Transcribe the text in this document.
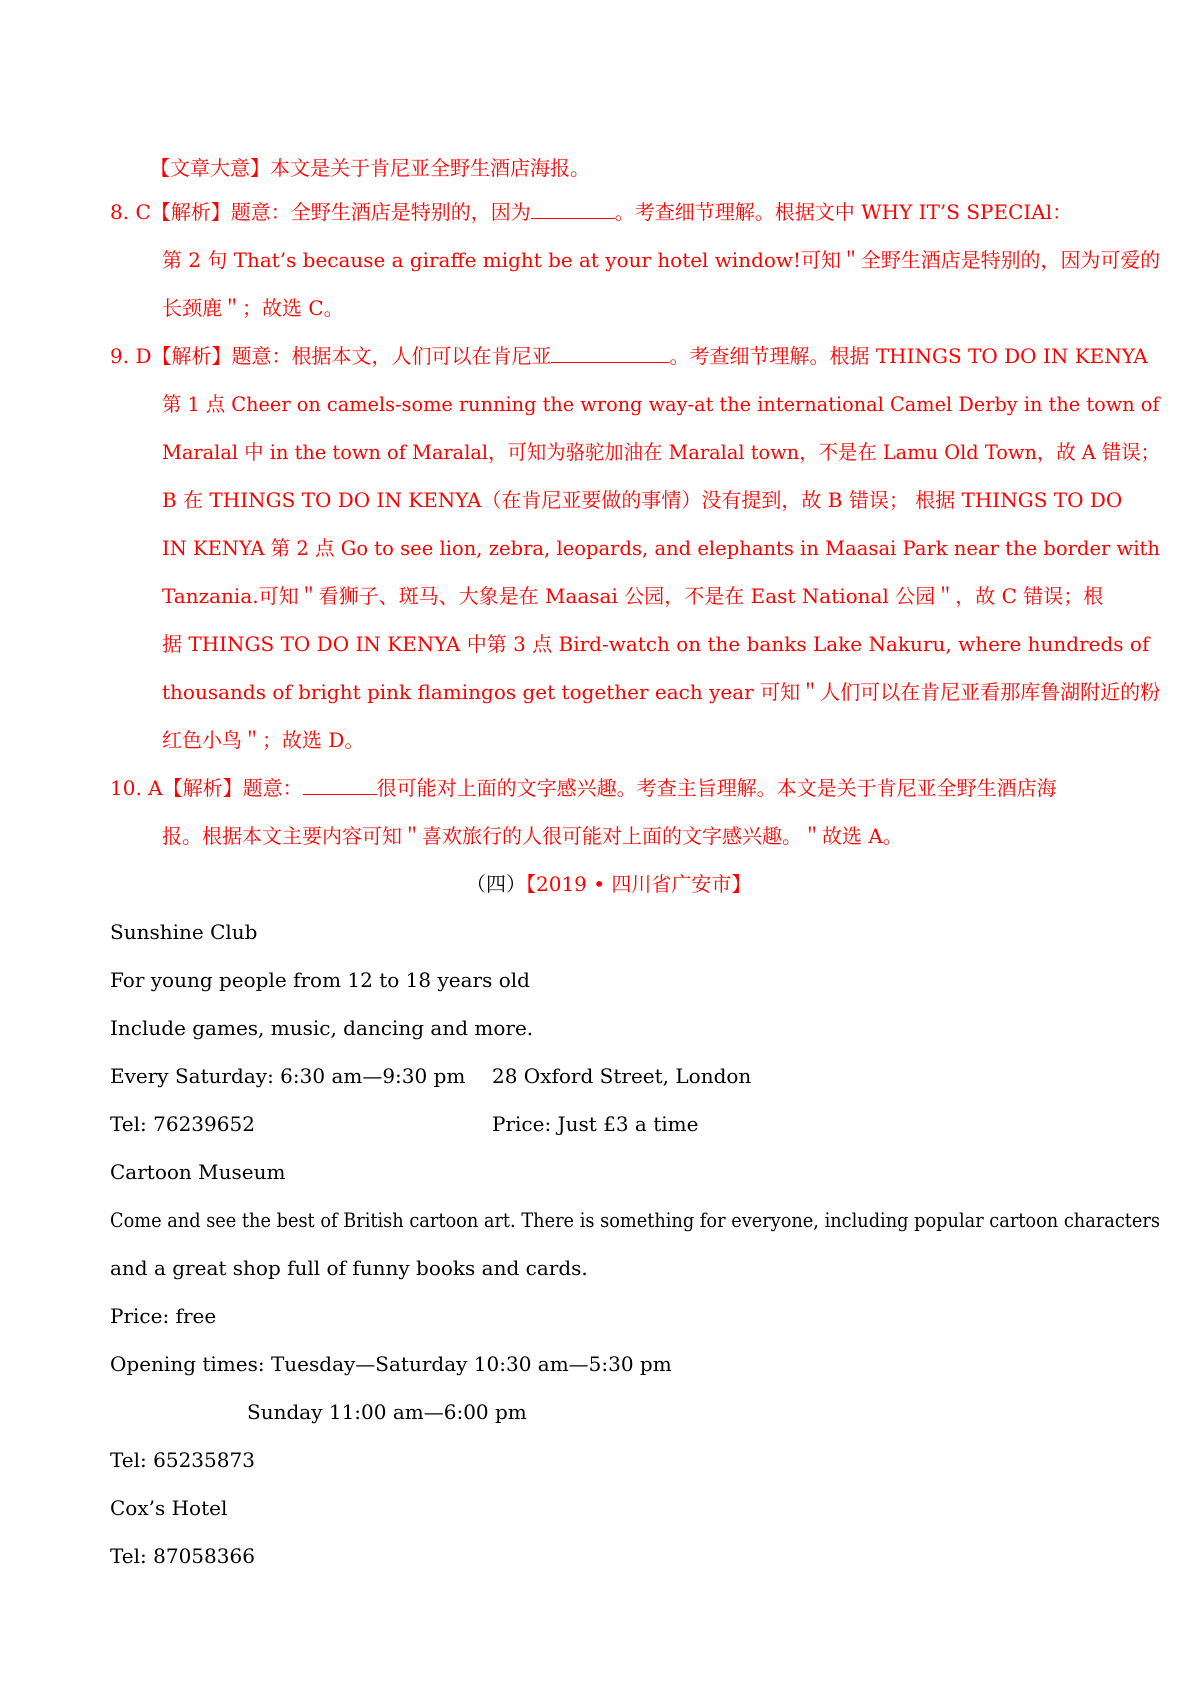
【文章大意】本文是关于肯尼亚全野生酒店海报。
8. C【解析】题意：全野生酒店是特别的，因为	。考查细节理解。根据文中 WHY IT’S SPECIAl：
第 2 句 That’s because a giraffe might be at your hotel window!可知＂全野生酒店是特别的，因为可爱的
长颈鹿＂；故选 C。
9. D【解析】题意：根据本文，人们可以在肯尼亚	。考查细节理解。根据 THINGS TO DO IN KENYA
第 1 点 Cheer on camels-some running the wrong way-at the international Camel Derby in the town of
Maralal 中 in the town of Maralal，可知为骆驼加油在 Maralal town，不是在 Lamu Old Town，故 A 错误；
B 在 THINGS TO DO IN KENYA（在肯尼亚要做的事情）没有提到，故 B 错误； 根据 THINGS TO DO
IN KENYA 第 2 点 Go to see lion, zebra, leopards, and elephants in Maasai Park near the border with
Tanzania.可知＂看狮子、斑马、大象是在 Maasai 公园，不是在 East National 公园＂，故 C 错误；根
据 THINGS TO DO IN KENYA 中第 3 点 Bird-watch on the banks Lake Nakuru, where hundreds of
thousands of bright pink flamingos get together each year 可知＂人们可以在肯尼亚看那库鲁湖附近的粉
红色小鸟＂；故选 D。
10. A【解析】题意：	很可能对上面的文字感兴趣。考查主旨理解。本文是关于肯尼亚全野生酒店海
报。根据本文主要内容可知＂喜欢旅行的人很可能对上面的文字感兴趣。＂故选 A。
（四）【2019 • 四川省广安市】
Sunshine Club
For young people from 12 to 18 years old
Include games, music, dancing and more.
Every Saturday: 6:30 am—9:30 pm 28 Oxford Street, London
Tel: 76239652	Price: Just £3 a time
Cartoon Museum
Come and see the best of British cartoon art. There is something for everyone, including popular cartoon characters
and a great shop full of funny books and cards.
Price: free
Opening times: Tuesday—Saturday 10:30 am—5:30 pm
Sunday 11:00 am—6:00 pm
Tel: 65235873
Cox’s Hotel
Tel: 87058366
